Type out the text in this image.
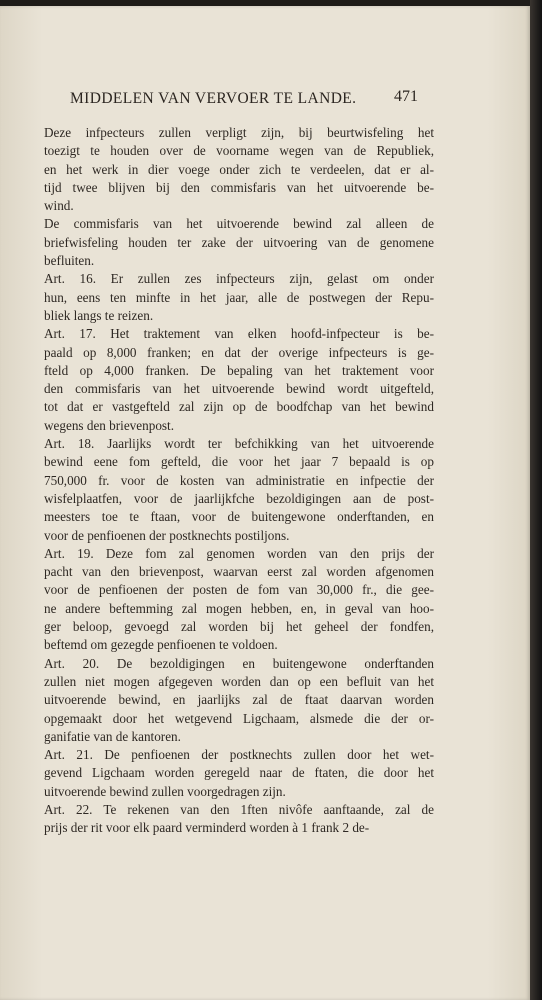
MIDDELEN VAN VERVOER TE LANDE.	471

Deze infpecteurs zullen verpligt zijn, bij beurtwisfeling het
toezigt te houden over de voorname wegen van de Republiek,
en het werk in dier voege onder zich te verdeelen, dat er al-
tijd twee blijven bij den commisfaris van het uitvoerende be-
wind.

De commisfaris van het uitvoerende bewind zal alleen de
briefwisfeling houden ter zake der uitvoering van de genomene
befluiten.

Art. 16. Er zullen zes infpecteurs zijn, gelast om onder
hun, eens ten minfte in het jaar, alle de postwegen der Repu-
bliek langs te reizen.

Art. 17. Het traktement van elken hoofd-infpecteur is be-
paald op 8,000 franken; en dat der overige infpecteurs is ge-
fteld op 4,000 franken. De bepaling van het traktement voor
den commisfaris van het uitvoerende bewind wordt uitgefteld,
tot dat er vastgefteld zal zijn op de boodfchap van het bewind
wegens den brievenpost.

Art. 18. Jaarlijks wordt ter befchikking van het uitvoerende
bewind eene fom gefteld, die voor het jaar 7 bepaald is op
750,000 fr. voor de kosten van administratie en infpectie der
wisfelplaatfen, voor de jaarlijkfche bezoldigingen aan de post-
meesters toe te ftaan, voor de buitengewone onderftanden, en
voor de penfioenen der postknechts postiljons.

Art. 19. Deze fom zal genomen worden van den prijs der
pacht van den brievenpost, waarvan eerst zal worden afgenomen
voor de penfioenen der posten de fom van 30,000 fr., die gee-
ne andere beftemming zal mogen hebben, en, in geval van hoo-
ger beloop, gevoegd zal worden bij het geheel der fondfen,
beftemd om gezegde penfioenen te voldoen.

Art. 20. De bezoldigingen en buitengewone onderftanden
zullen niet mogen afgegeven worden dan op een befluit van het
uitvoerende bewind, en jaarlijks zal de ftaat daarvan worden
opgemaakt door het wetgevend Ligchaam, alsmede die der or-
ganifatie van de kantoren.

Art. 21. De penfioenen der postknechts zullen door het wet-
gevend Ligchaam worden geregeld naar de ftaten, die door het
uitvoerende bewind zullen voorgedragen zijn.

Art. 22. Te rekenen van den 1ften nivôfe aanftaande, zal de
prijs der rit voor elk paard verminderd worden à 1 frank 2 de-
